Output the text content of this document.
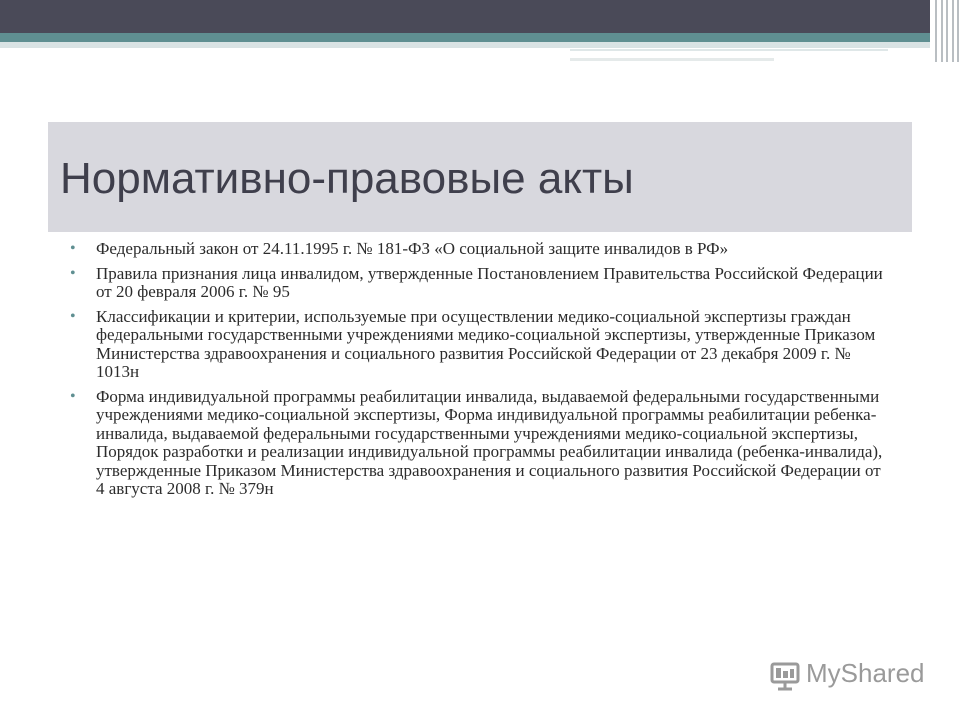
Нормативно-правовые акты
• Федеральный закон от 24.11.1995 г. № 181-ФЗ «О социальной защите инвалидов в РФ»
• Правила признания лица инвалидом, утвержденные Постановлением Правительства Российской Федерации от 20 февраля 2006 г. № 95
• Классификации и критерии, используемые при осуществлении медико-социальной экспертизы граждан федеральными государственными учреждениями медико-социальной экспертизы, утвержденные Приказом Министерства здравоохранения и социального развития Российской Федерации от 23 декабря 2009 г. № 1013н
• Форма индивидуальной программы реабилитации инвалида, выдаваемой федеральными государственными учреждениями медико-социальной экспертизы, Форма индивидуальной программы реабилитации ребенка-инвалида, выдаваемой федеральными государственными учреждениями медико-социальной экспертизы, Порядок разработки и реализации индивидуальной программы реабилитации инвалида (ребенка-инвалида), утвержденные Приказом Министерства здравоохранения и социального развития Российской Федерации от 4 августа 2008 г. № 379н

MyShared
